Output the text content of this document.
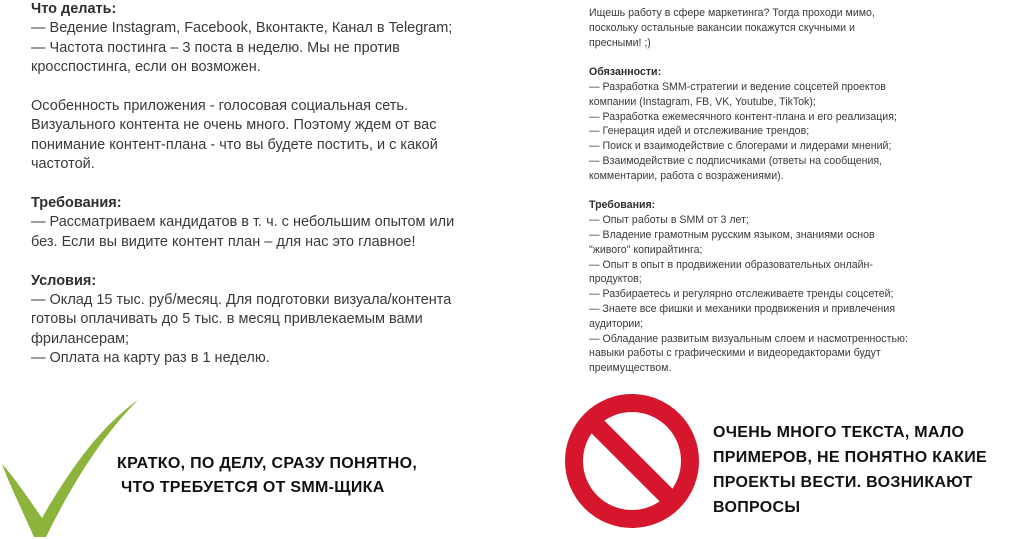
Что делать:
— Ведение Instagram, Facebook, Вконтакте, Канал в Telegram;
— Частота постинга – 3 поста в неделю. Мы не против
кросспостинга, если он возможен.
Особенность приложения - голосовая социальная сеть.
Визуального контента не очень много. Поэтому ждем от вас
понимание контент-плана - что вы будете постить, и с какой
частотой.
Требования:
— Рассматриваем кандидатов в т. ч. с небольшим опытом или
без. Если вы видите контент план – для нас это главное!
Условия:
— Оклад 15 тыс. руб/месяц. Для подготовки визуала/контента
готовы оплачивать до 5 тыс. в месяц привлекаемым вами
фрилансерам;
— Оплата на карту раз в 1 неделю.
Ищешь работу в сфере маркетинга? Тогда проходи мимо,
поскольку остальные вакансии покажутся скучными и
пресными! ;)
Обязанности:
— Разработка SMM-стратегии и ведение соцсетей проектов
компании (Instagram, FB, VK, Youtube, TikTok);
— Разработка ежемесячного контент-плана и его реализация;
— Генерация идей и отслеживание трендов;
— Поиск и взаимодействие с блогерами и лидерами мнений;
— Взаимодействие с подписчиками (ответы на сообщения,
комментарии, работа с возражениями).
Требования:
— Опыт работы в SMM от 3 лет;
— Владение грамотным русским языком, знаниями основ
"живого" копирайтинга;
— Опыт в опыт в продвижении образовательных онлайн-
продуктов;
— Разбираетесь и регулярно отслеживаете тренды соцсетей;
— Знаете все фишки и механики продвижения и привлечения
аудитории;
— Обладание развитым визуальным слоем и насмотренностью:
навыки работы с графическими и видеоредакторами будут
преимуществом.
КРАТКО, ПО ДЕЛУ, СРАЗУ ПОНЯТНО,
ЧТО ТРЕБУЕТСЯ ОТ SMM-ЩИКА
ОЧЕНЬ МНОГО ТЕКСТА, МАЛО
ПРИМЕРОВ, НЕ ПОНЯТНО КАКИЕ
ПРОЕКТЫ ВЕСТИ. ВОЗНИКАЮТ
ВОПРОСЫ
